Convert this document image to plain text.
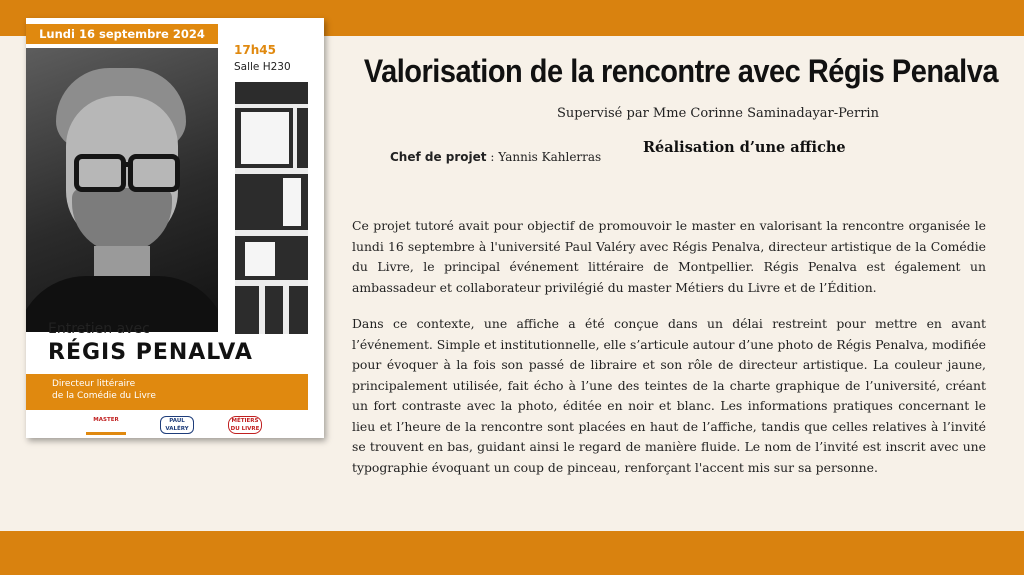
Lundi 16 septembre 2024
17h45
Salle H230
Entretien avec
RÉGIS PENALVA
Directeur littéraire
de la Comédie du Livre
MASTER	PAUL VALÉRY
MÉTIERS DU LIVRE
Valorisation de la rencontre avec Régis Penalva
Supervisé par Mme Corinne Saminadayar-Perrin
Réalisation d’une affiche
Chef de projet : Yannis Kahlerras

Ce projet tutoré avait pour objectif de promouvoir le master en valorisant la rencontre organisée le lundi 16 septembre à l'université Paul Valéry avec Régis Penalva, directeur artistique de la Comédie du Livre, le principal événement littéraire de Montpellier. Régis Penalva est également un ambassadeur et collaborateur privilégié du master Métiers du Livre et de l’Édition.

Dans ce contexte, une affiche a été conçue dans un délai restreint pour mettre en avant l’événement. Simple et institutionnelle, elle s’articule autour d’une photo de Régis Penalva, modifiée pour évoquer à la fois son passé de libraire et son rôle de directeur artistique. La couleur jaune, principalement utilisée, fait écho à l’une des teintes de la charte graphique de l’université, créant un fort contraste avec la photo, éditée en noir et blanc. Les informations pratiques concernant le lieu et l’heure de la rencontre sont placées en haut de l’affiche, tandis que celles relatives à l’invité se trouvent en bas, guidant ainsi le regard de manière fluide. Le nom de l’invité est inscrit avec une typographie évoquant un coup de pinceau, renforçant l'accent mis sur sa personne.
